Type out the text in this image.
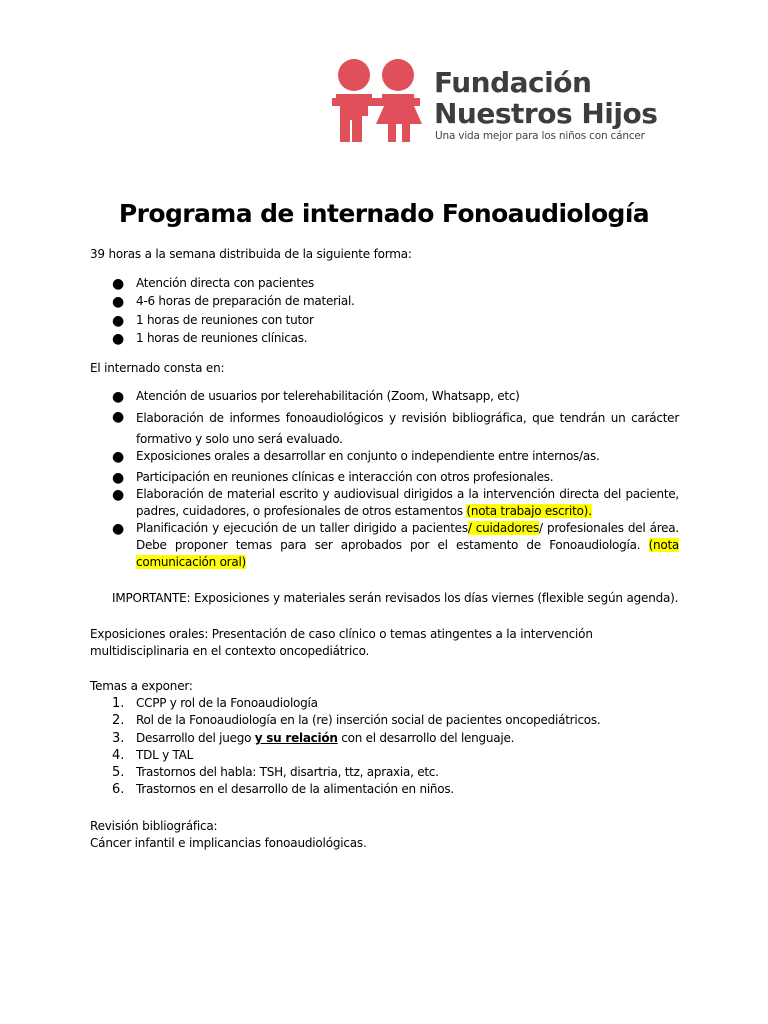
Fundación
Nuestros Hijos
Una vida mejor para los niños con cáncer
Programa de internado Fonoaudiología
39 horas a la semana distribuida de la siguiente forma:
● Atención directa con pacientes
● 4-6 horas de preparación de material.
● 1 horas de reuniones con tutor
● 1 horas de reuniones clínicas.
El internado consta en:
● Atención de usuarios por telerehabilitación (Zoom, Whatsapp, etc)
● Elaboración de informes fonoaudiológicos y revisión bibliográfica, que tendrán un carácter formativo y solo uno será evaluado.
● Exposiciones orales a desarrollar en conjunto o independiente entre internos/as.
● Participación en reuniones clínicas e interacción con otros profesionales.
● Elaboración de material escrito y audiovisual dirigidos a la intervención directa del paciente, padres, cuidadores, o profesionales de otros estamentos (nota trabajo escrito).
● Planificación y ejecución de un taller dirigido a pacientes/ cuidadores/ profesionales del área. Debe proponer temas para ser aprobados por el estamento de Fonoaudiología. (nota comunicación oral)
IMPORTANTE: Exposiciones y materiales serán revisados los días viernes (flexible según agenda).
Exposiciones orales: Presentación de caso clínico o temas atingentes a la intervención multidisciplinaria en el contexto oncopediátrico.
Temas a exponer:
1. CCPP y rol de la Fonoaudiología
2. Rol de la Fonoaudiología en la (re) inserción social de pacientes oncopediátricos.
3. Desarrollo del juego y su relación con el desarrollo del lenguaje.
4. TDL y TAL
5. Trastornos del habla: TSH, disartria, ttz, apraxia, etc.
6. Trastornos en el desarrollo de la alimentación en niños.
Revisión bibliográfica:
Cáncer infantil e implicancias fonoaudiológicas.
